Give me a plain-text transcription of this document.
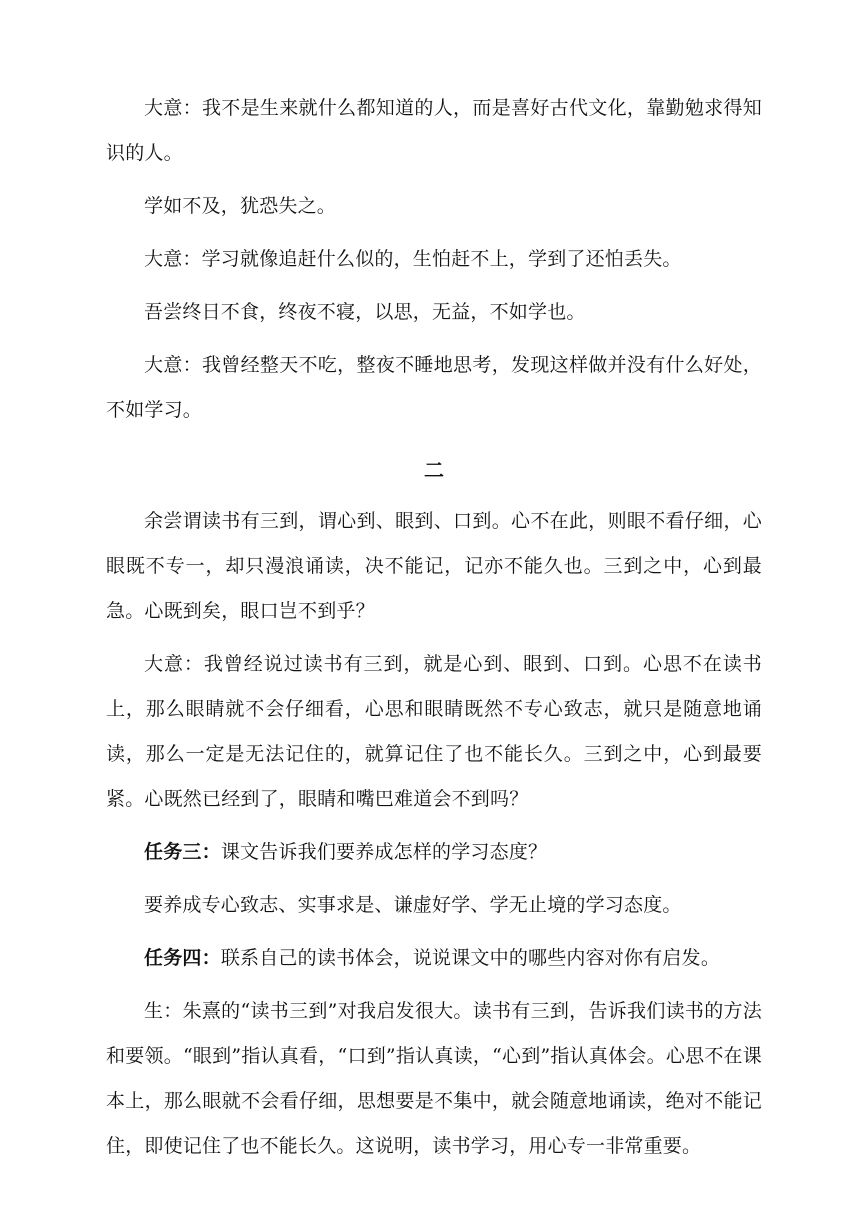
大意：我不是生来就什么都知道的人，而是喜好古代文化，靠勤勉求得知识的人。

学如不及，犹恐失之。

大意：学习就像追赶什么似的，生怕赶不上，学到了还怕丢失。

吾尝终日不食，终夜不寝，以思，无益，不如学也。

大意：我曾经整天不吃，整夜不睡地思考，发现这样做并没有什么好处，不如学习。

二

余尝谓读书有三到，谓心到、眼到、口到。心不在此，则眼不看仔细，心眼既不专一，却只漫浪诵读，决不能记，记亦不能久也。三到之中，心到最急。心既到矣，眼口岂不到乎？

大意：我曾经说过读书有三到，就是心到、眼到、口到。心思不在读书上，那么眼睛就不会仔细看，心思和眼睛既然不专心致志，就只是随意地诵读，那么一定是无法记住的，就算记住了也不能长久。三到之中，心到最要紧。心既然已经到了，眼睛和嘴巴难道会不到吗？

任务三：课文告诉我们要养成怎样的学习态度？

要养成专心致志、实事求是、谦虚好学、学无止境的学习态度。

任务四：联系自己的读书体会，说说课文中的哪些内容对你有启发。

生：朱熹的“读书三到”对我启发很大。读书有三到，告诉我们读书的方法和要领。“眼到”指认真看，“口到”指认真读，“心到”指认真体会。心思不在课本上，那么眼就不会看仔细，思想要是不集中，就会随意地诵读，绝对不能记住，即使记住了也不能长久。这说明，读书学习，用心专一非常重要。
